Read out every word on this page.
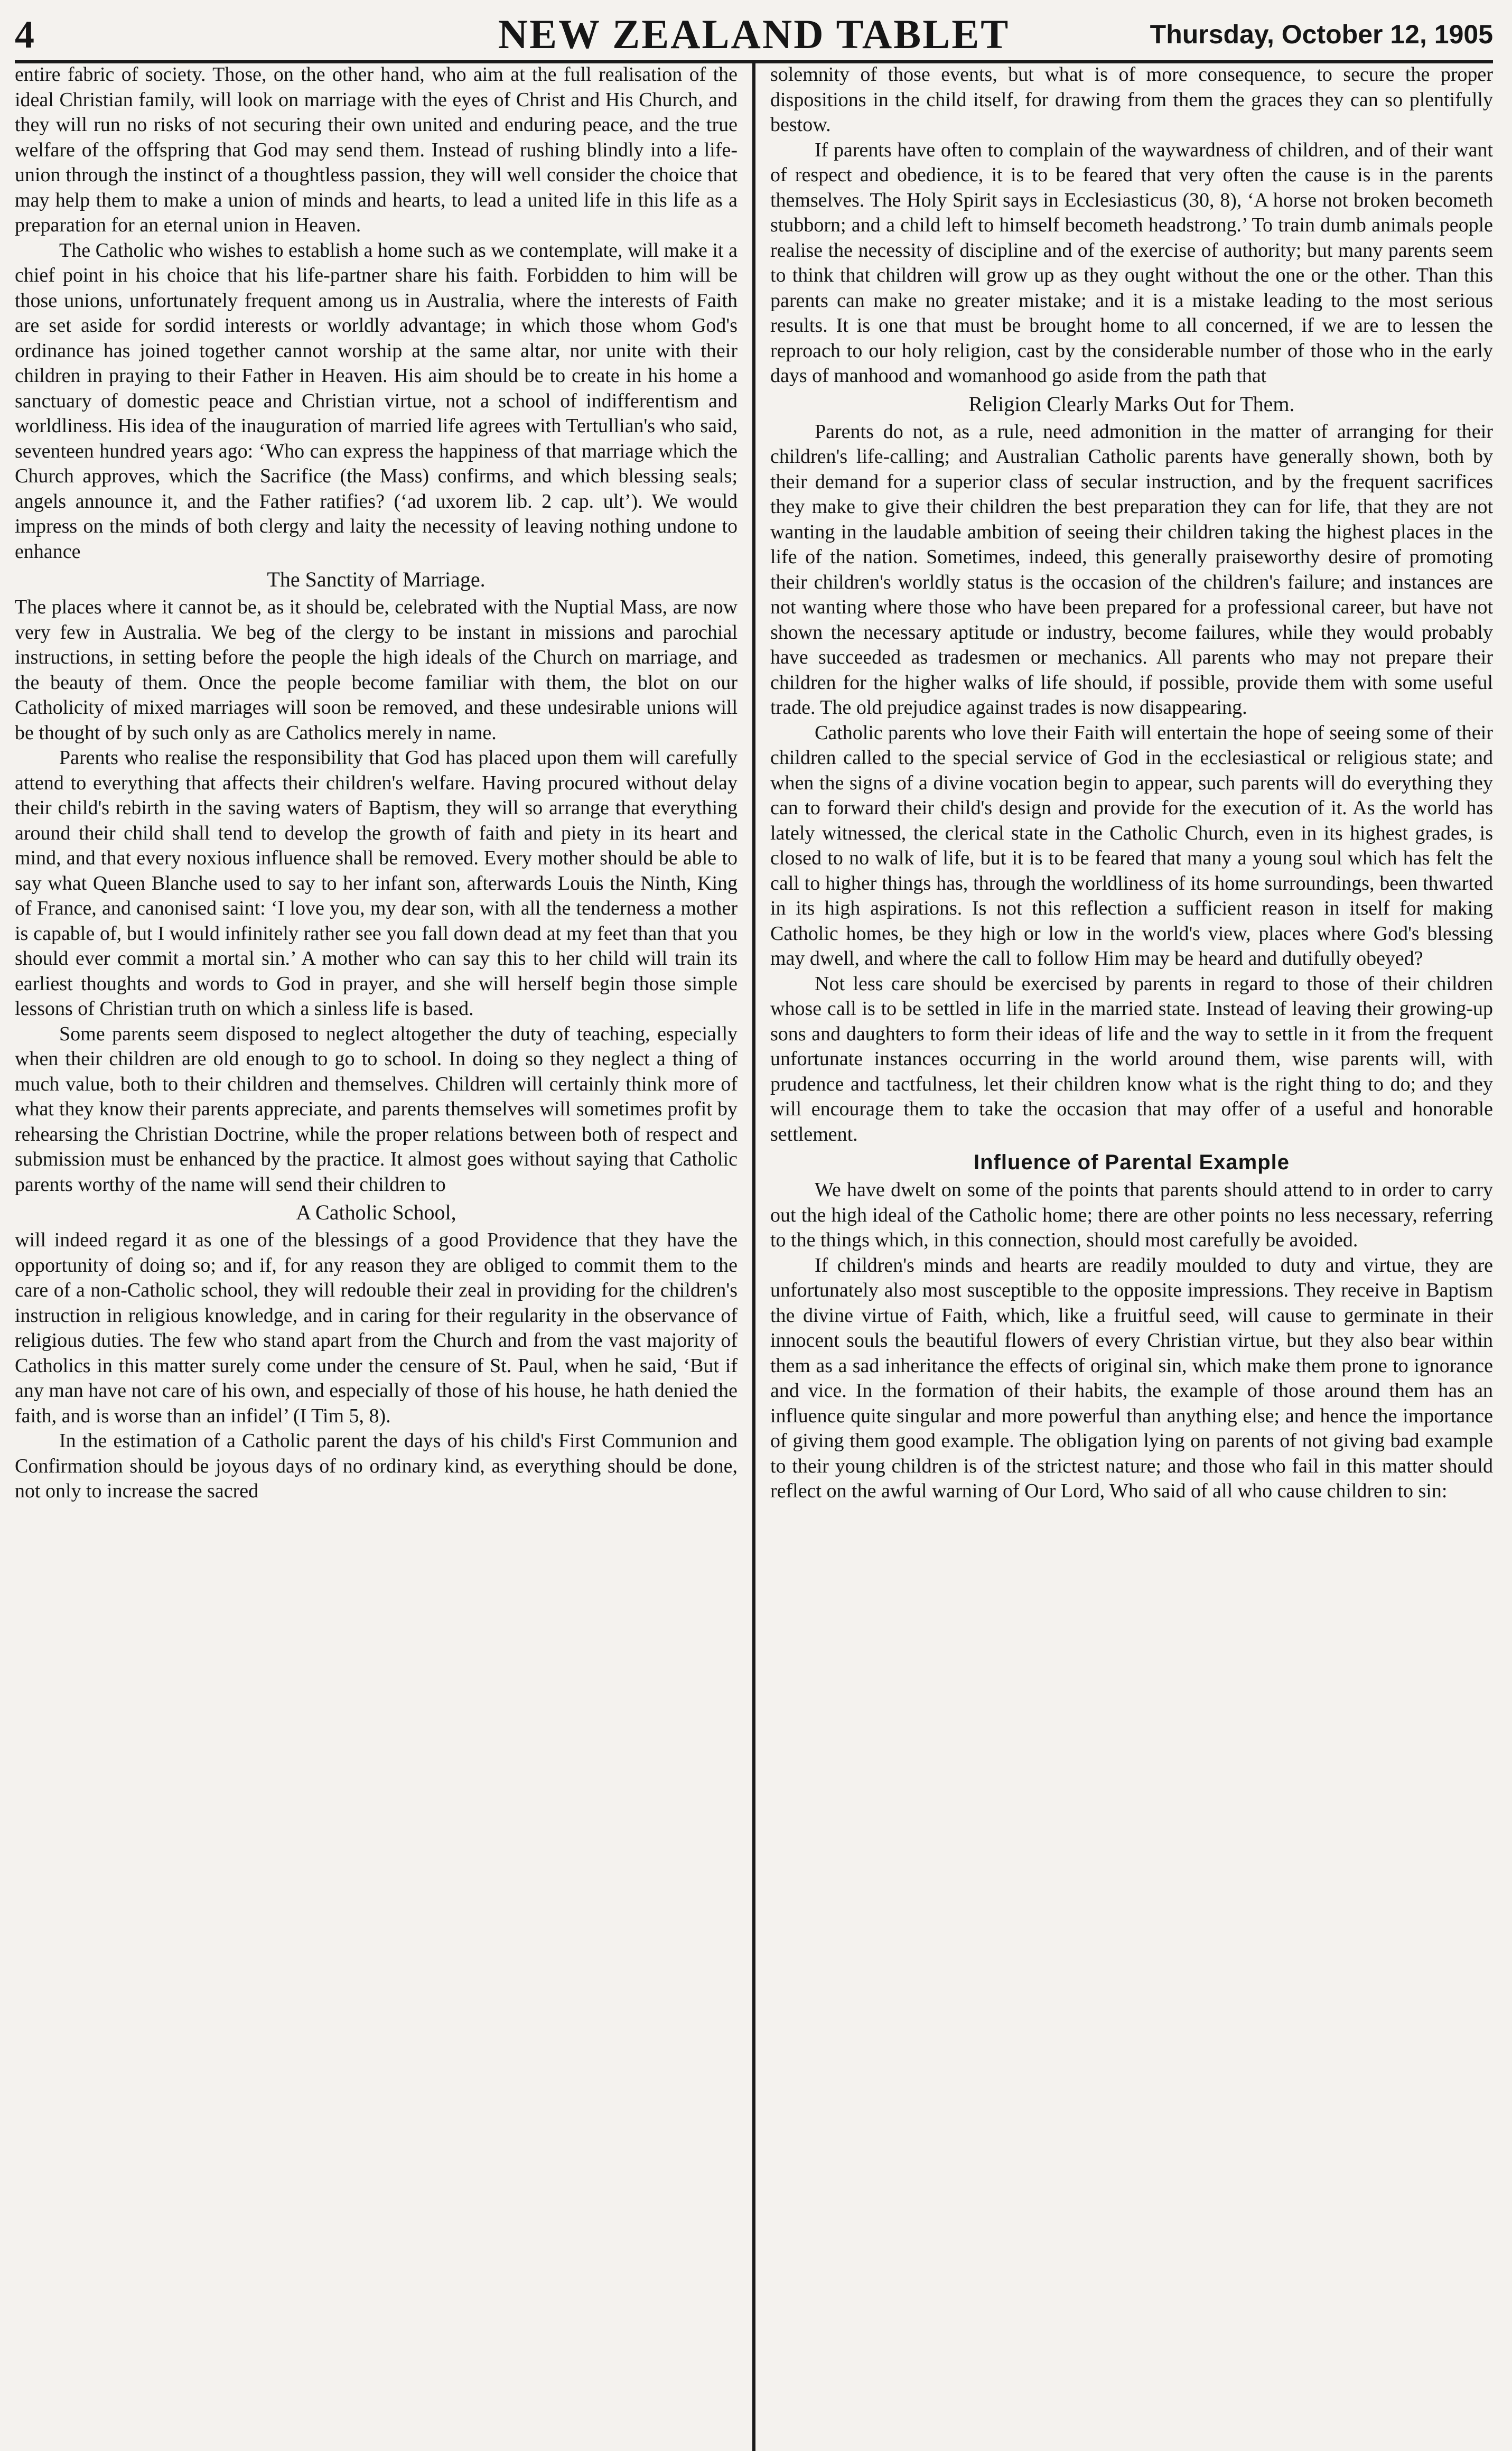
4	NEW ZEALAND TABLET	Thursday, October 12, 1905

entire fabric of society. Those, on the other hand, who aim at the full realisation of the ideal Christian family, will look on marriage with the eyes of Christ and His Church, and they will run no risks of not securing their own united and enduring peace, and the true welfare of the offspring that God may send them. Instead of rushing blindly into a life-union through the instinct of a thoughtless passion, they will well consider the choice that may help them to make a union of minds and hearts, to lead a united life in this life as a preparation for an eternal union in Heaven.

The Catholic who wishes to establish a home such as we contemplate, will make it a chief point in his choice that his life-partner share his faith. Forbidden to him will be those unions, unfortunately frequent among us in Australia, where the interests of Faith are set aside for sordid interests or worldly advantage; in which those whom God's ordinance has joined together cannot worship at the same altar, nor unite with their children in praying to their Father in Heaven. His aim should be to create in his home a sanctuary of domestic peace and Christian virtue, not a school of indifferentism and worldliness. His idea of the inauguration of married life agrees with Tertullian's who said, seventeen hundred years ago: ‘Who can express the happiness of that marriage which the Church approves, which the Sacrifice (the Mass) confirms, and which blessing seals; angels announce it, and the Father ratifies? (‘ad uxorem lib. 2 cap. ult’). We would impress on the minds of both clergy and laity the necessity of leaving nothing undone to enhance

The Sanctity of Marriage.

The places where it cannot be, as it should be, celebrated with the Nuptial Mass, are now very few in Australia. We beg of the clergy to be instant in missions and parochial instructions, in setting before the people the high ideals of the Church on marriage, and the beauty of them. Once the people become familiar with them, the blot on our Catholicity of mixed marriages will soon be removed, and these undesirable unions will be thought of by such only as are Catholics merely in name.

Parents who realise the responsibility that God has placed upon them will carefully attend to everything that affects their children's welfare. Having procured without delay their child's rebirth in the saving waters of Baptism, they will so arrange that everything around their child shall tend to develop the growth of faith and piety in its heart and mind, and that every noxious influence shall be removed. Every mother should be able to say what Queen Blanche used to say to her infant son, afterwards Louis the Ninth, King of France, and canonised saint: ‘I love you, my dear son, with all the tenderness a mother is capable of, but I would infinitely rather see you fall down dead at my feet than that you should ever commit a mortal sin.’ A mother who can say this to her child will train its earliest thoughts and words to God in prayer, and she will herself begin those simple lessons of Christian truth on which a sinless life is based.

Some parents seem disposed to neglect altogether the duty of teaching, especially when their children are old enough to go to school. In doing so they neglect a thing of much value, both to their children and themselves. Children will certainly think more of what they know their parents appreciate, and parents themselves will sometimes profit by rehearsing the Christian Doctrine, while the proper relations between both of respect and submission must be enhanced by the practice. It almost goes without saying that Catholic parents worthy of the name will send their children to

A Catholic School,

will indeed regard it as one of the blessings of a good Providence that they have the opportunity of doing so; and if, for any reason they are obliged to commit them to the care of a non-Catholic school, they will redouble their zeal in providing for the children's instruction in religious knowledge, and in caring for their regularity in the observance of religious duties. The few who stand apart from the Church and from the vast majority of Catholics in this matter surely come under the censure of St. Paul, when he said, ‘But if any man have not care of his own, and especially of those of his house, he hath denied the faith, and is worse than an infidel’ (I Tim 5, 8).

In the estimation of a Catholic parent the days of his child's First Communion and Confirmation should be joyous days of no ordinary kind, as everything should be done, not only to increase the sacred

solemnity of those events, but what is of more consequence, to secure the proper dispositions in the child itself, for drawing from them the graces they can so plentifully bestow.

If parents have often to complain of the waywardness of children, and of their want of respect and obedience, it is to be feared that very often the cause is in the parents themselves. The Holy Spirit says in Ecclesiasticus (30, 8), ‘A horse not broken becometh stubborn; and a child left to himself becometh headstrong.’ To train dumb animals people realise the necessity of discipline and of the exercise of authority; but many parents seem to think that children will grow up as they ought without the one or the other. Than this parents can make no greater mistake; and it is a mistake leading to the most serious results. It is one that must be brought home to all concerned, if we are to lessen the reproach to our holy religion, cast by the considerable number of those who in the early days of manhood and womanhood go aside from the path that

Religion Clearly Marks Out for Them.

Parents do not, as a rule, need admonition in the matter of arranging for their children's life-calling; and Australian Catholic parents have generally shown, both by their demand for a superior class of secular instruction, and by the frequent sacrifices they make to give their children the best preparation they can for life, that they are not wanting in the laudable ambition of seeing their children taking the highest places in the life of the nation. Sometimes, indeed, this generally praiseworthy desire of promoting their children's worldly status is the occasion of the children's failure; and instances are not wanting where those who have been prepared for a professional career, but have not shown the necessary aptitude or industry, become failures, while they would probably have succeeded as tradesmen or mechanics. All parents who may not prepare their children for the higher walks of life should, if possible, provide them with some useful trade. The old prejudice against trades is now disappearing.

Catholic parents who love their Faith will entertain the hope of seeing some of their children called to the special service of God in the ecclesiastical or religious state; and when the signs of a divine vocation begin to appear, such parents will do everything they can to forward their child's design and provide for the execution of it. As the world has lately witnessed, the clerical state in the Catholic Church, even in its highest grades, is closed to no walk of life, but it is to be feared that many a young soul which has felt the call to higher things has, through the worldliness of its home surroundings, been thwarted in its high aspirations. Is not this reflection a sufficient reason in itself for making Catholic homes, be they high or low in the world's view, places where God's blessing may dwell, and where the call to follow Him may be heard and dutifully obeyed?

Not less care should be exercised by parents in regard to those of their children whose call is to be settled in life in the married state. Instead of leaving their growing-up sons and daughters to form their ideas of life and the way to settle in it from the frequent unfortunate instances occurring in the world around them, wise parents will, with prudence and tactfulness, let their children know what is the right thing to do; and they will encourage them to take the occasion that may offer of a useful and honorable settlement.

Influence of Parental Example

We have dwelt on some of the points that parents should attend to in order to carry out the high ideal of the Catholic home; there are other points no less necessary, referring to the things which, in this connection, should most carefully be avoided.

If children's minds and hearts are readily moulded to duty and virtue, they are unfortunately also most susceptible to the opposite impressions. They receive in Baptism the divine virtue of Faith, which, like a fruitful seed, will cause to germinate in their innocent souls the beautiful flowers of every Christian virtue, but they also bear within them as a sad inheritance the effects of original sin, which make them prone to ignorance and vice. In the formation of their habits, the example of those around them has an influence quite singular and more powerful than anything else; and hence the importance of giving them good example. The obligation lying on parents of not giving bad example to their young children is of the strictest nature; and those who fail in this matter should reflect on the awful warning of Our Lord, Who said of all who cause children to sin:
